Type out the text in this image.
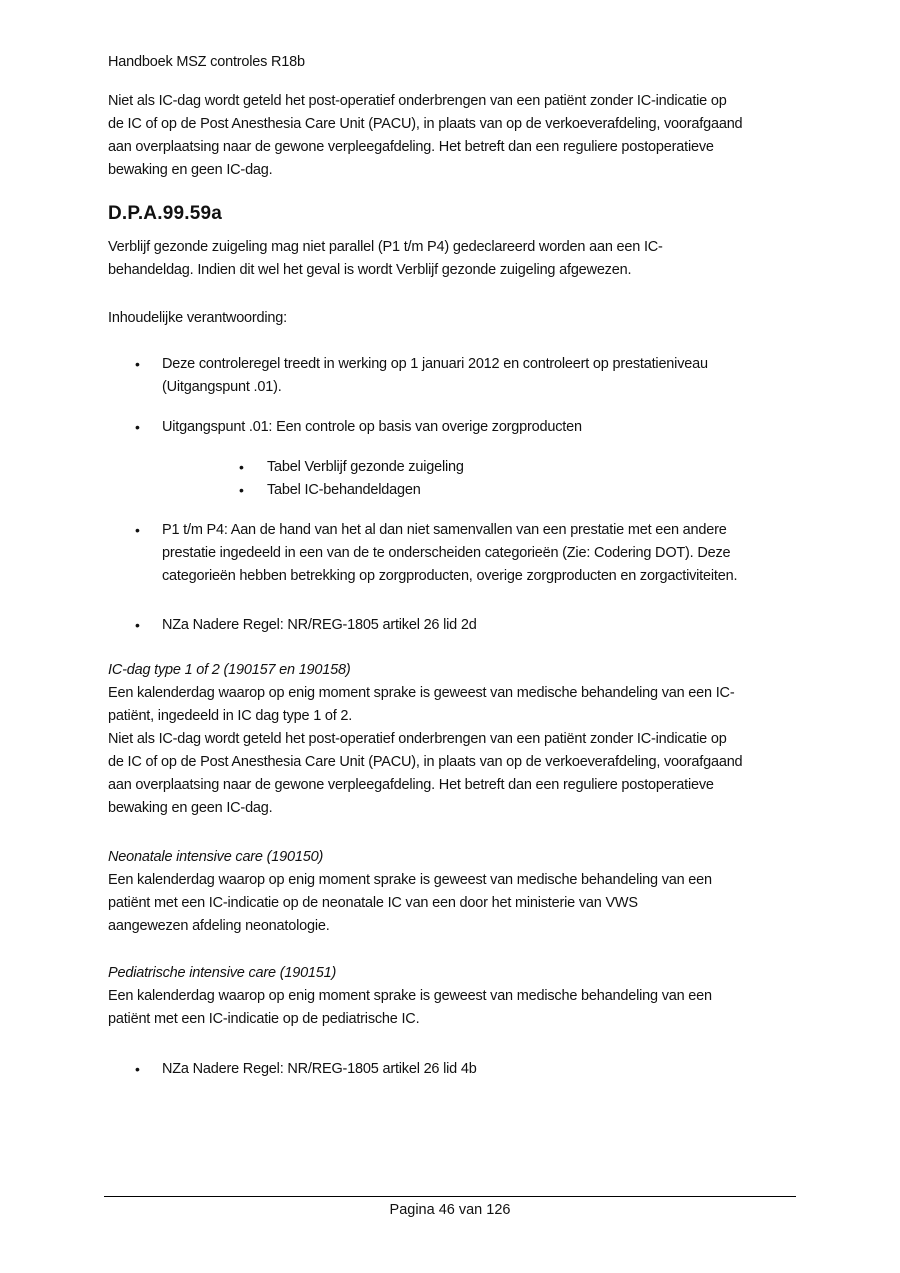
Handboek MSZ controles R18b
Niet als IC-dag wordt geteld het post-operatief onderbrengen van een patiënt zonder IC-indicatie op
de IC of op de Post Anesthesia Care Unit (PACU), in plaats van op de verkoeverafdeling, voorafgaand
aan overplaatsing naar de gewone verpleegafdeling. Het betreft dan een reguliere postoperatieve
bewaking en geen IC-dag.
D.P.A.99.59a
Verblijf gezonde zuigeling mag niet parallel (P1 t/m P4) gedeclareerd worden aan een IC-
behandeldag. Indien dit wel het geval is wordt Verblijf gezonde zuigeling afgewezen.
Inhoudelijke verantwoording:
• Deze controleregel treedt in werking op 1 januari 2012 en controleert op prestatieniveau
(Uitgangspunt .01).
• Uitgangspunt .01: Een controle op basis van overige zorgproducten
• Tabel Verblijf gezonde zuigeling
• Tabel IC-behandeldagen
• P1 t/m P4: Aan de hand van het al dan niet samenvallen van een prestatie met een andere
prestatie ingedeeld in een van de te onderscheiden categorieën (Zie: Codering DOT). Deze
categorieën hebben betrekking op zorgproducten, overige zorgproducten en zorgactiviteiten.
• NZa Nadere Regel: NR/REG-1805 artikel 26 lid 2d
IC-dag type 1 of 2 (190157 en 190158)
Een kalenderdag waarop op enig moment sprake is geweest van medische behandeling van een IC-
patiënt, ingedeeld in IC dag type 1 of 2.
Niet als IC-dag wordt geteld het post-operatief onderbrengen van een patiënt zonder IC-indicatie op
de IC of op de Post Anesthesia Care Unit (PACU), in plaats van op de verkoeverafdeling, voorafgaand
aan overplaatsing naar de gewone verpleegafdeling. Het betreft dan een reguliere postoperatieve
bewaking en geen IC-dag.
Neonatale intensive care (190150)
Een kalenderdag waarop op enig moment sprake is geweest van medische behandeling van een
patiënt met een IC-indicatie op de neonatale IC van een door het ministerie van VWS
aangewezen afdeling neonatologie.
Pediatrische intensive care (190151)
Een kalenderdag waarop op enig moment sprake is geweest van medische behandeling van een
patiënt met een IC-indicatie op de pediatrische IC.
• NZa Nadere Regel: NR/REG-1805 artikel 26 lid 4b
Pagina 46 van 126
